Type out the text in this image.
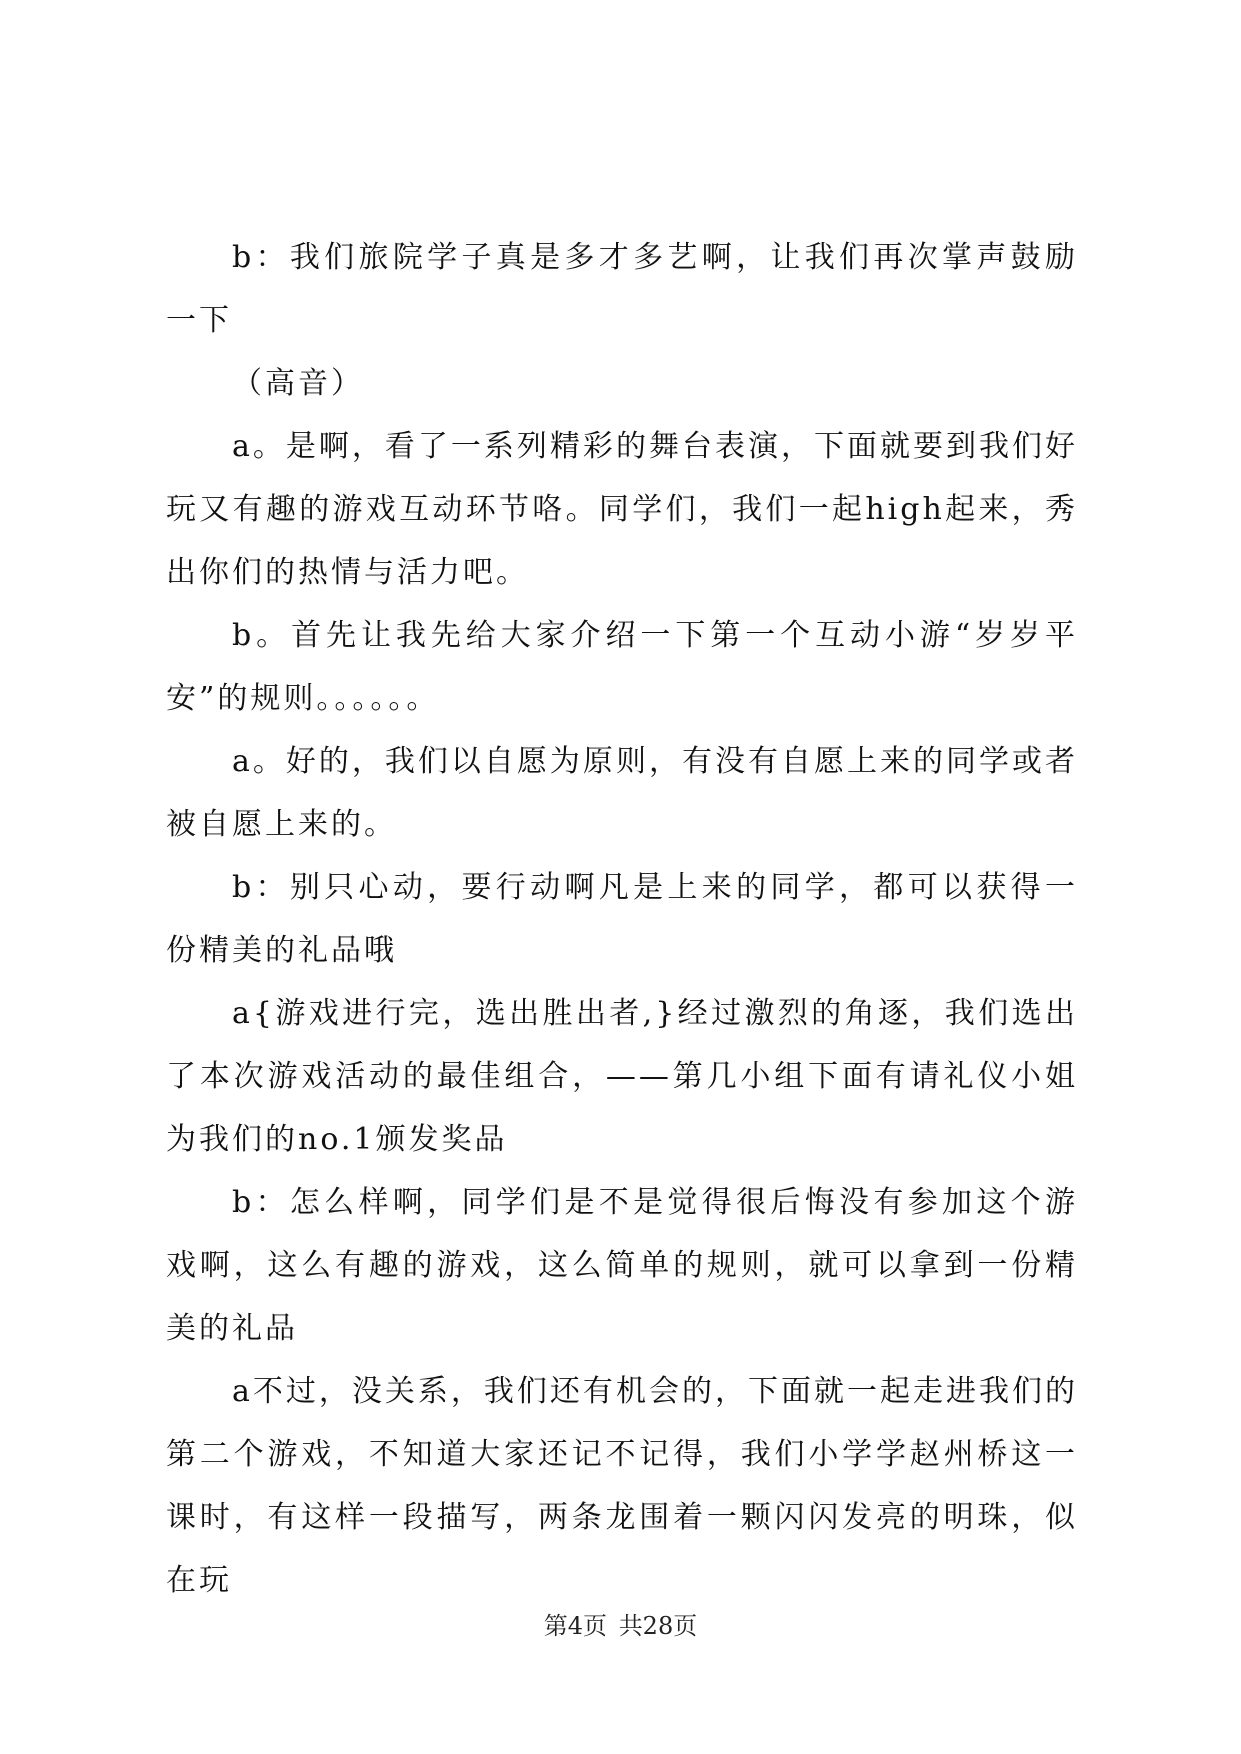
b：我们旅院学子真是多才多艺啊，让我们再次掌声鼓励一下

（高音）

a。是啊，看了一系列精彩的舞台表演，下面就要到我们好玩又有趣的游戏互动环节咯。同学们，我们一起high起来，秀出你们的热情与活力吧。

b。首先让我先给大家介绍一下第一个互动小游“岁岁平安”的规则。。。。。。

a。好的，我们以自愿为原则，有没有自愿上来的同学或者被自愿上来的。

b：别只心动，要行动啊凡是上来的同学，都可以获得一份精美的礼品哦

a{游戏进行完，选出胜出者,}经过激烈的角逐，我们选出了本次游戏活动的最佳组合，——第几小组下面有请礼仪小姐为我们的no.1颁发奖品

b：怎么样啊，同学们是不是觉得很后悔没有参加这个游戏啊，这么有趣的游戏，这么简单的规则，就可以拿到一份精美的礼品

a不过，没关系，我们还有机会的，下面就一起走进我们的第二个游戏，不知道大家还记不记得，我们小学学赵州桥这一课时，有这样一段描写，两条龙围着一颗闪闪发亮的明珠，似在玩

第4页 共28页
